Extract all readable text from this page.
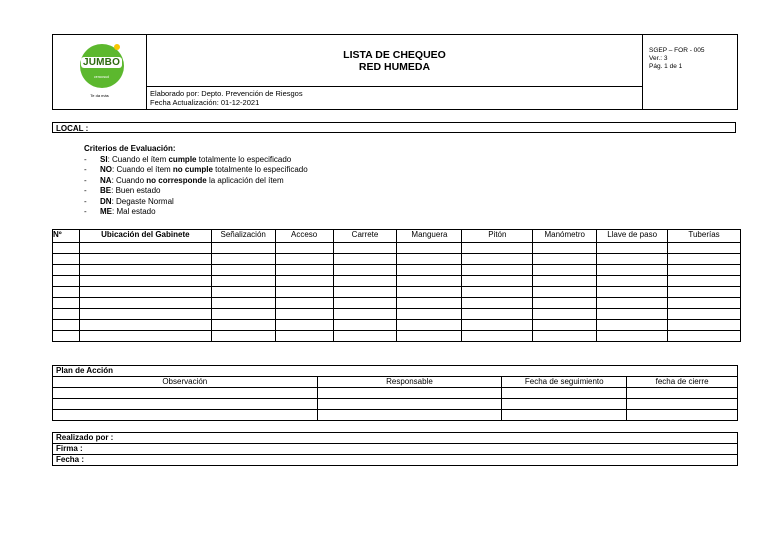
JUMBO
cencosud
Te da más

LISTA DE CHEQUEO
RED HUMEDA

SGEP – FOR - 005
Ver.: 3
Pág. 1 de 1

Elaborado por: Depto. Prevención de Riesgos
Fecha Actualización: 01-12-2021
LOCAL :
Criterios de Evaluación:
-	SI: Cuando el ítem cumple totalmente lo especificado
-	NO: Cuando el ítem no cumple totalmente lo especificado
-	NA: Cuando no corresponde la aplicación del ítem
-	BE: Buen estado
-	DN: Degaste Normal
-	ME: Mal estado
Nº	Ubicación del Gabinete	Señalización	Acceso	Carrete	Manguera	Pitón	Manómetro	Llave de paso	Tuberías

Plan de Acción			
Observación	Responsable	Fecha de seguimiento	fecha de cierre

Realizado por :
Firma :
Fecha :
